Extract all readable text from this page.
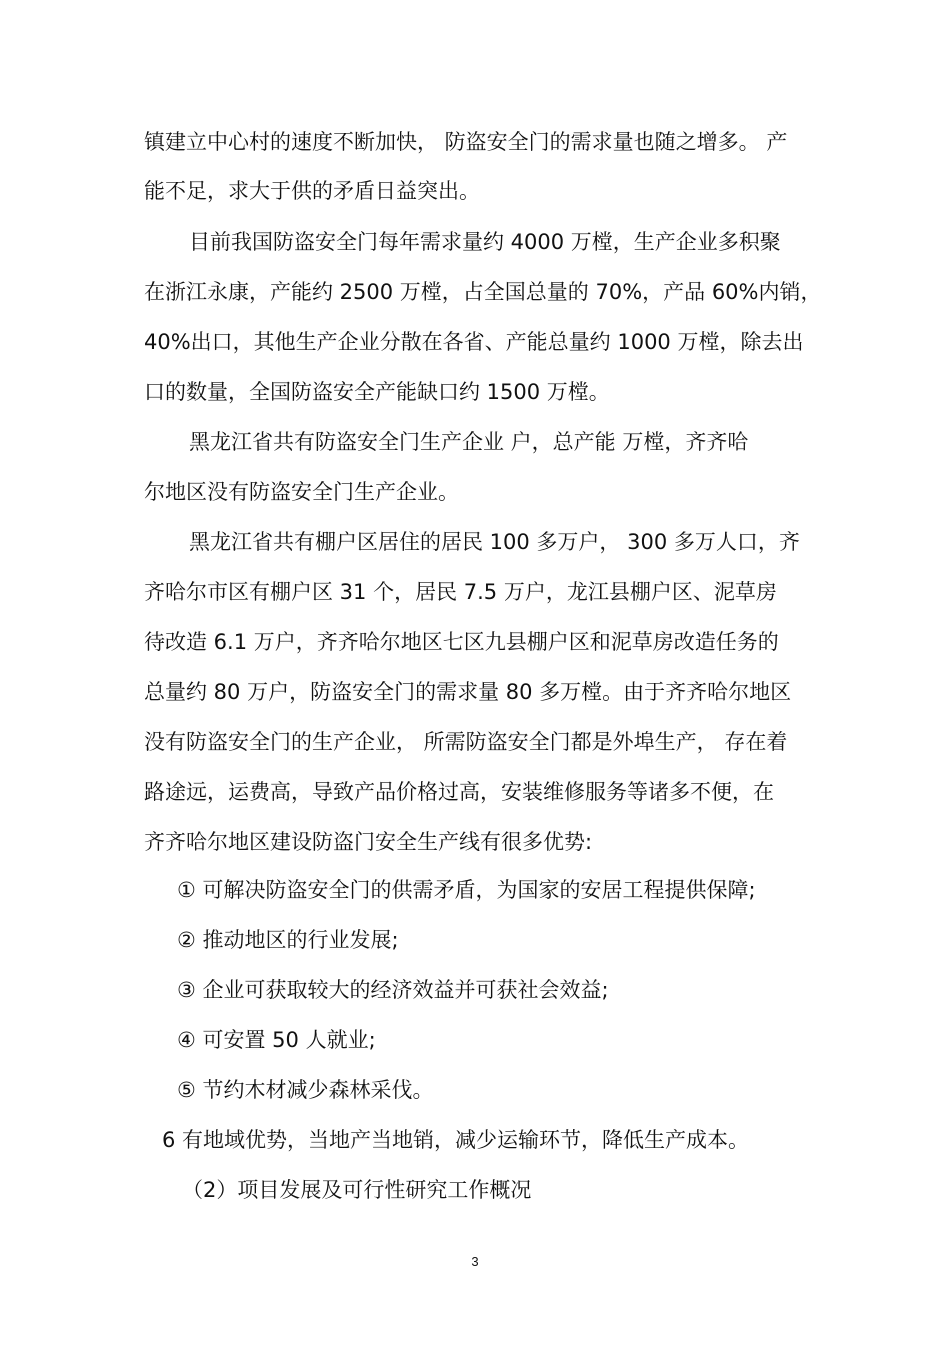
镇建立中心村的速度不断加快， 防盗安全门的需求量也随之增多。 产
能不足，求大于供的矛盾日益突出。
目前我国防盗安全门每年需求量约 4000 万樘，生产企业多积聚
在浙江永康，产能约 2500 万樘，占全国总量的 70%，产品 60%内销，
40%出口，其他生产企业分散在各省、产能总量约 1000 万樘，除去出
口的数量，全国防盗安全产能缺口约 1500 万樘。
黑龙江省共有防盗安全门生产企业 户，总产能 万樘，齐齐哈
尔地区没有防盗安全门生产企业。
黑龙江省共有棚户区居住的居民 100 多万户， 300 多万人口，齐
齐哈尔市区有棚户区 31 个，居民 7.5 万户，龙江县棚户区、泥草房
待改造 6.1 万户，齐齐哈尔地区七区九县棚户区和泥草房改造任务的
总量约 80 万户，防盗安全门的需求量 80 多万樘。由于齐齐哈尔地区
没有防盗安全门的生产企业， 所需防盗安全门都是外埠生产， 存在着
路途远，运费高，导致产品价格过高，安装维修服务等诸多不便，在
齐齐哈尔地区建设防盗门安全生产线有很多优势:
① 可解决防盗安全门的供需矛盾，为国家的安居工程提供保障;
② 推动地区的行业发展;
③ 企业可获取较大的经济效益并可获社会效益;
④ 可安置 50 人就业;
⑤ 节约木材减少森林采伐。
6 有地域优势，当地产当地销，减少运输环节，降低生产成本。
（2）项目发展及可行性研究工作概况
3
